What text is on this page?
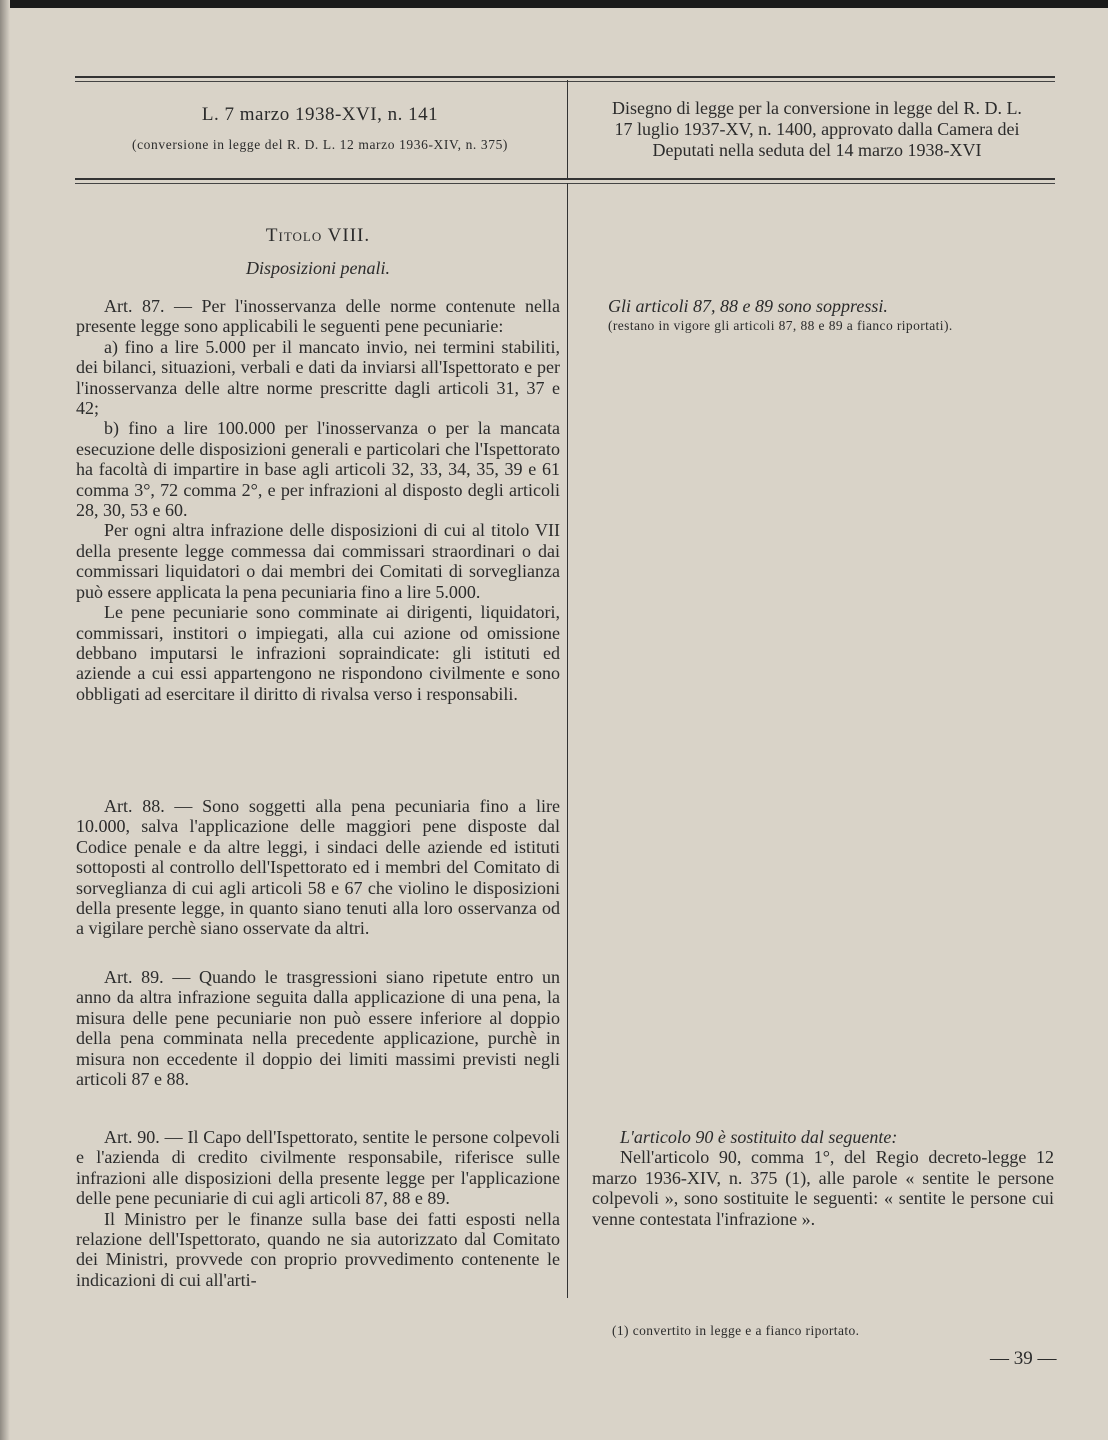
L. 7 marzo 1938-XVI, n. 141
(conversione in legge del R. D. L. 12 marzo 1936-XIV, n. 375)
Disegno di legge per la conversione in legge del R. D. L.
17 luglio 1937-XV, n. 1400, approvato dalla Camera dei
Deputati nella seduta del 14 marzo 1938-XVI
Titolo VIII.
Disposizioni penali.

Art. 87. — Per l'inosservanza delle norme contenute nella presente legge sono applicabili le seguenti pene pecuniarie:

a) fino a lire 5.000 per il mancato invio, nei termini stabiliti, dei bilanci, situazioni, verbali e dati da inviarsi all'Ispettorato e per l'inosservanza delle altre norme prescritte dagli articoli 31, 37 e 42;

b) fino a lire 100.000 per l'inosservanza o per la mancata esecuzione delle disposizioni generali e particolari che l'Ispettorato ha facoltà di impartire in base agli articoli 32, 33, 34, 35, 39 e 61 comma 3°, 72 comma 2°, e per infrazioni al disposto degli articoli 28, 30, 53 e 60.

Per ogni altra infrazione delle disposizioni di cui al titolo VII della presente legge commessa dai commissari straordinari o dai commissari liquidatori o dai membri dei Comitati di sorveglianza può essere applicata la pena pecuniaria fino a lire 5.000.

Le pene pecuniarie sono comminate ai dirigenti, liquidatori, commissari, institori o impiegati, alla cui azione od omissione debbano imputarsi le infrazioni sopraindicate: gli istituti ed aziende a cui essi appartengono ne rispondono civilmente e sono obbligati ad esercitare il diritto di rivalsa verso i responsabili.

Art. 88. — Sono soggetti alla pena pecuniaria fino a lire 10.000, salva l'applicazione delle maggiori pene disposte dal Codice penale e da altre leggi, i sindaci delle aziende ed istituti sottoposti al controllo dell'Ispettorato ed i membri del Comitato di sorveglianza di cui agli articoli 58 e 67 che violino le disposizioni della presente legge, in quanto siano tenuti alla loro osservanza od a vigilare perchè siano osservate da altri.

Art. 89. — Quando le trasgressioni siano ripetute entro un anno da altra infrazione seguita dalla applicazione di una pena, la misura delle pene pecuniarie non può essere inferiore al doppio della pena comminata nella precedente applicazione, purchè in misura non eccedente il doppio dei limiti massimi previsti negli articoli 87 e 88.

Art. 90. — Il Capo dell'Ispettorato, sentite le persone colpevoli e l'azienda di credito civilmente responsabile, riferisce sulle infrazioni alle disposizioni della presente legge per l'applicazione delle pene pecuniarie di cui agli articoli 87, 88 e 89.

Il Ministro per le finanze sulla base dei fatti esposti nella relazione dell'Ispettorato, quando ne sia autorizzato dal Comitato dei Ministri, provvede con proprio provvedimento contenente le indicazioni di cui all'arti-

Gli articoli 87, 88 e 89 sono soppressi.

(restano in vigore gli articoli 87, 88 e 89 a fianco riportati).

L'articolo 90 è sostituito dal seguente:

Nell'articolo 90, comma 1°, del Regio decreto-legge 12 marzo 1936-XIV, n. 375 (1), alle parole « sentite le persone colpevoli », sono sostituite le seguenti: « sentite le persone cui venne contestata l'infrazione ».

(1) convertito in legge e a fianco riportato.
— 39 —
